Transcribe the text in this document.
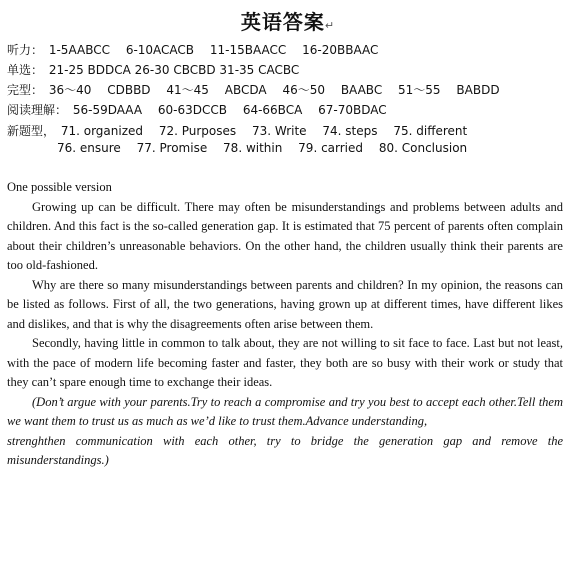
英语答案↵
听力： 1-5AABCC 6-10ACACB 11-15BAACC 16-20BBAAC
单选： 21-25 BDDCA 26-30 CBCBD 31-35 CACBC
完型： 36～40 CDBBD 41～45 ABCDA 46～50 BAABC 51～55 BABDD
阅读理解： 56-59DAAA 60-63DCCB 64-66BCA 67-70BDAC
新题型， 71. organized 72. Purposes 73. Write 74. steps 75. different
76. ensure 77. Promise 78. within 79. carried 80. Conclusion

One possible version

Growing up can be difficult. There may often be misunderstandings and problems between adults and children. And this fact is the so-called generation gap. It is estimated that 75 percent of parents often complain about their children’s unreasonable behaviors. On the other hand, the children usually think their parents are too old-fashioned.

Why are there so many misunderstandings between parents and children? In my opinion, the reasons can be listed as follows. First of all, the two generations, having grown up at different times, have different likes and dislikes, and that is why the disagreements often arise between them.

Secondly, having little in common to talk about, they are not willing to sit face to face. Last but not least, with the pace of modern life becoming faster and faster, they both are so busy with their work or study that they can’t spare enough time to exchange their ideas.

(Don’t argue with your parents.Try to reach a compromise and try you best to accept each other.Tell them we want them to trust us as much as we’d like to trust them.Advance understanding,

strenghthen communication with each other, try to bridge the generation gap and remove the misunderstandings.)
